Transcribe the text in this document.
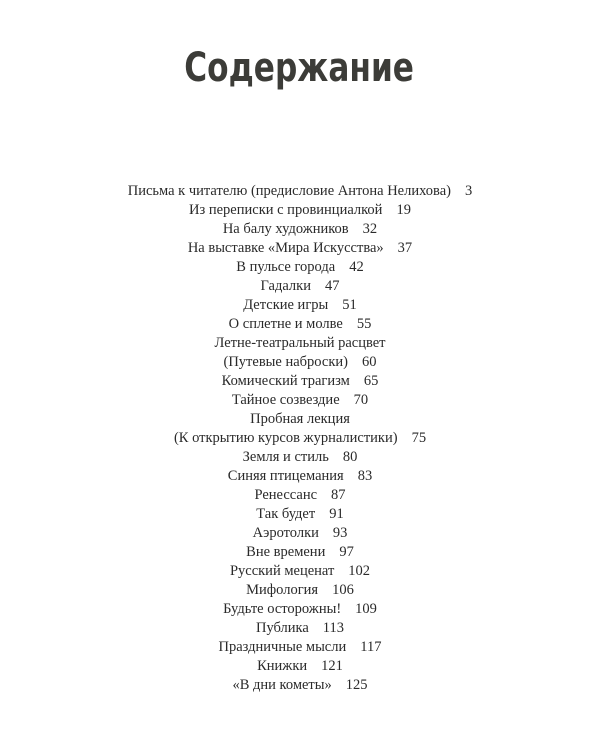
Содержание
Письма к читателю (предисловие Антона Нелихова) 3
Из переписки с провинциалкой 19
На балу художников 32
На выставке «Мира Искусства» 37
В пульсе города 42
Гадалки 47
Детские игры 51
О сплетне и молве 55
Летне-театральный расцвет
(Путевые наброски) 60
Комический трагизм 65
Тайное созвездие 70
Пробная лекция
(К открытию курсов журналистики) 75
Земля и стиль 80
Синяя птицемания 83
Ренессанс 87
Так будет 91
Аэротолки 93
Вне времени 97
Русский меценат 102
Мифология 106
Будьте осторожны! 109
Публика 113
Праздничные мысли 117
Книжки 121
«В дни кометы» 125
